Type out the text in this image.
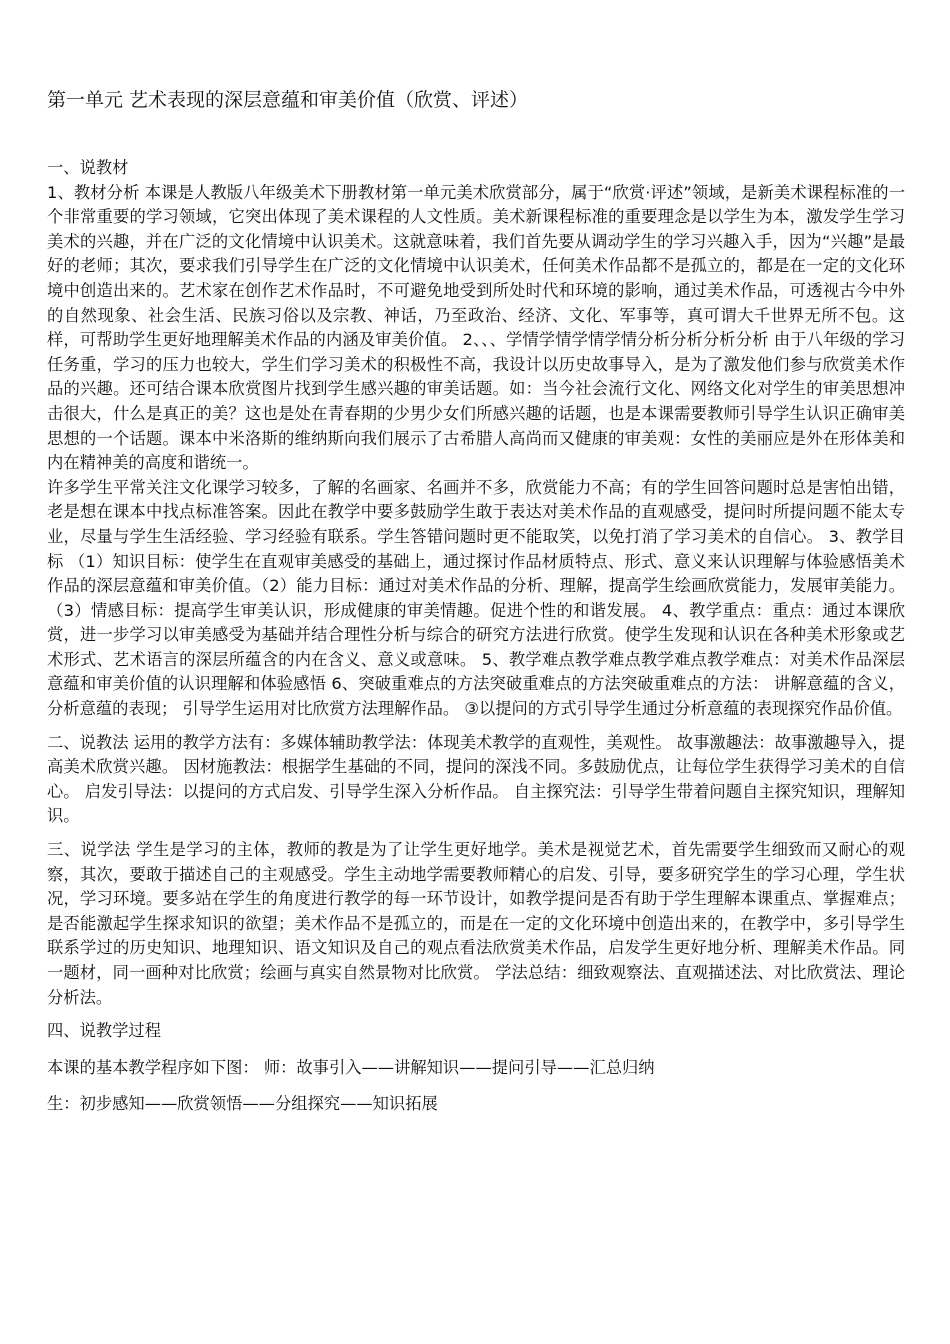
第一单元 艺术表现的深层意蕴和审美价值（欣赏、评述）

一、说教材

1、教材分析 本课是人教版八年级美术下册教材第一单元美术欣赏部分，属于“欣赏·评述”领域，是新美术课程标准的一个非常重要的学习领域，它突出体现了美术课程的人文性质。美术新课程标准的重要理念是以学生为本，激发学生学习美术的兴趣，并在广泛的文化情境中认识美术。这就意味着，我们首先要从调动学生的学习兴趣入手，因为“兴趣”是最好的老师；其次，要求我们引导学生在广泛的文化情境中认识美术，任何美术作品都不是孤立的，都是在一定的文化环境中创造出来的。艺术家在创作艺术作品时，不可避免地受到所处时代和环境的影响，通过美术作品，可透视古今中外的自然现象、社会生活、民族习俗以及宗教、神话，乃至政治、经济、文化、军事等，真可谓大千世界无所不包。这样，可帮助学生更好地理解美术作品的内涵及审美价值。 2、、、学情学情学情学情分析分析分析分析 由于八年级的学习任务重，学习的压力也较大，学生们学习美术的积极性不高，我设计以历史故事导入，是为了激发他们参与欣赏美术作品的兴趣。还可结合课本欣赏图片找到学生感兴趣的审美话题。如：当今社会流行文化、网络文化对学生的审美思想冲击很大，什么是真正的美？这也是处在青春期的少男少女们所感兴趣的话题，也是本课需要教师引导学生认识正确审美思想的一个话题。课本中米洛斯的维纳斯向我们展示了古希腊人高尚而又健康的审美观：女性的美丽应是外在形体美和内在精神美的高度和谐统一。

许多学生平常关注文化课学习较多，了解的名画家、名画并不多，欣赏能力不高；有的学生回答问题时总是害怕出错，老是想在课本中找点标准答案。因此在教学中要多鼓励学生敢于表达对美术作品的直观感受，提问时所提问题不能太专业，尽量与学生生活经验、学习经验有联系。学生答错问题时更不能取笑，以免打消了学习美术的自信心。 3、教学目标 （1）知识目标：使学生在直观审美感受的基础上，通过探讨作品材质特点、形式、意义来认识理解与体验感悟美术作品的深层意蕴和审美价值。（2）能力目标：通过对美术作品的分析、理解，提高学生绘画欣赏能力，发展审美能力。 （3）情感目标：提高学生审美认识，形成健康的审美情趣。促进个性的和谐发展。 4、教学重点：重点：通过本课欣赏，进一步学习以审美感受为基础并结合理性分析与综合的研究方法进行欣赏。使学生发现和认识在各种美术形象或艺术形式、艺术语言的深层所蕴含的内在含义、意义或意味。 5、教学难点教学难点教学难点教学难点：对美术作品深层意蕴和审美价值的认识理解和体验感悟 6、突破重难点的方法突破重难点的方法突破重难点的方法： 讲解意蕴的含义，分析意蕴的表现； 引导学生运用对比欣赏方法理解作品。 ③以提问的方式引导学生通过分析意蕴的表现探究作品价值。

二、说教法 运用的教学方法有：多媒体辅助教学法：体现美术教学的直观性，美观性。 故事激趣法：故事激趣导入，提高美术欣赏兴趣。 因材施教法：根据学生基础的不同，提问的深浅不同。多鼓励优点，让每位学生获得学习美术的自信心。 启发引导法：以提问的方式启发、引导学生深入分析作品。 自主探究法：引导学生带着问题自主探究知识，理解知识。

三、说学法 学生是学习的主体，教师的教是为了让学生更好地学。美术是视觉艺术，首先需要学生细致而又耐心的观察，其次，要敢于描述自己的主观感受。学生主动地学需要教师精心的启发、引导，要多研究学生的学习心理，学生状况，学习环境。要多站在学生的角度进行教学的每一环节设计，如教学提问是否有助于学生理解本课重点、掌握难点；是否能激起学生探求知识的欲望；美术作品不是孤立的，而是在一定的文化环境中创造出来的，在教学中，多引导学生联系学过的历史知识、地理知识、语文知识及自己的观点看法欣赏美术作品，启发学生更好地分析、理解美术作品。同一题材，同一画种对比欣赏；绘画与真实自然景物对比欣赏。 学法总结：细致观察法、直观描述法、对比欣赏法、理论分析法。

四、说教学过程

本课的基本教学程序如下图： 师：故事引入——讲解知识——提问引导——汇总归纳

生：初步感知——欣赏领悟——分组探究——知识拓展
